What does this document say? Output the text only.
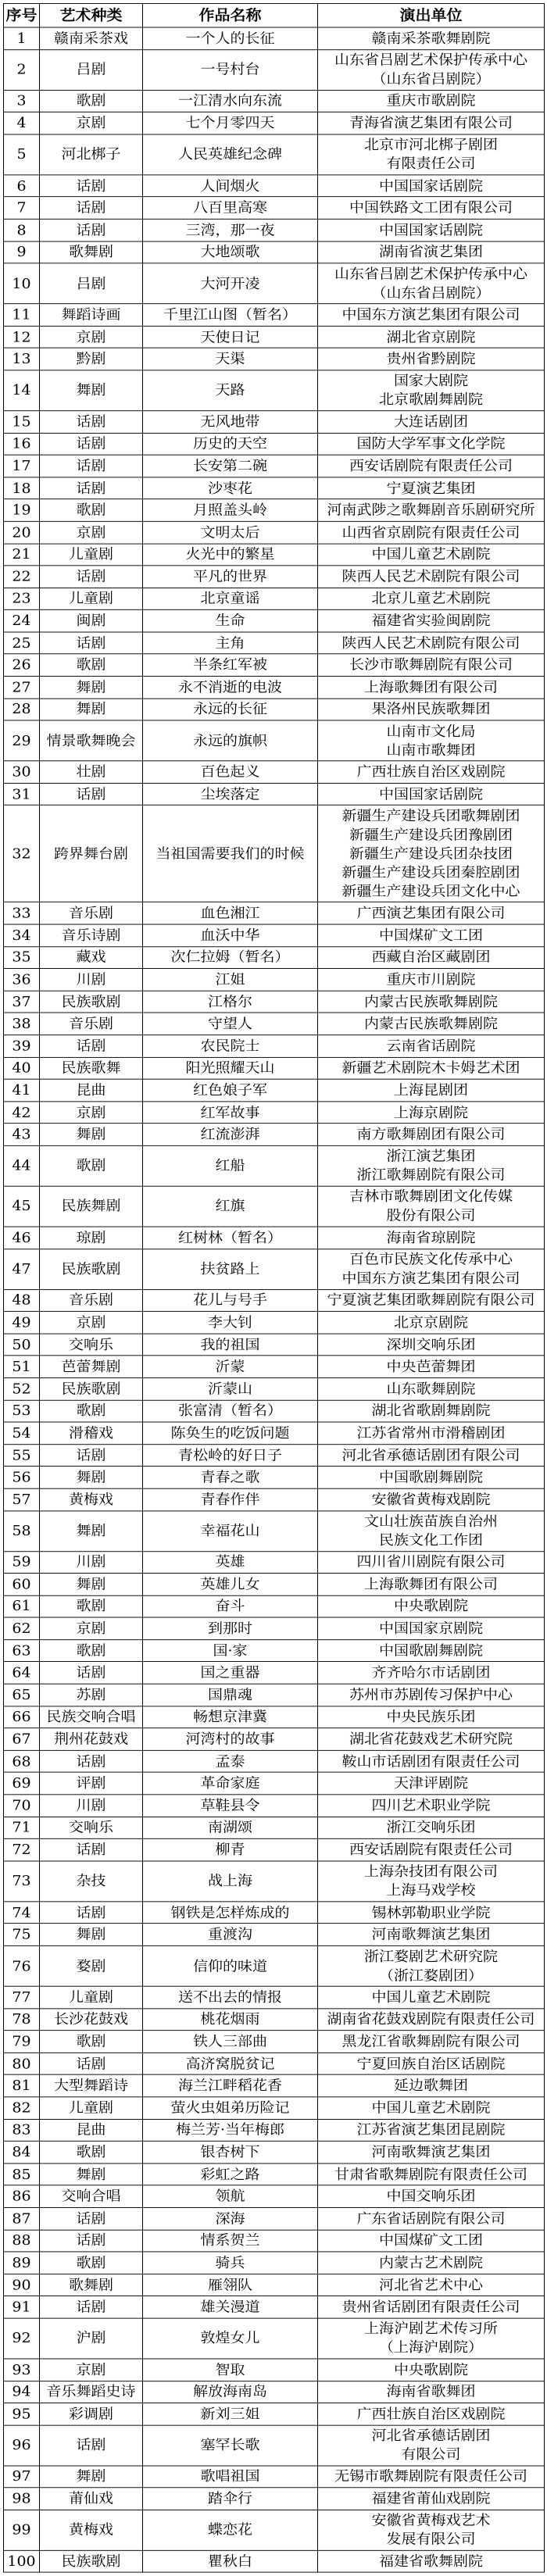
序号	艺术种类	作品名称	演出单位
1	赣南采茶戏	一个人的长征	赣南采茶歌舞剧院

2	吕剧	一号村台	山东省吕剧艺术保护传承中心
（山东省吕剧院）

3	歌剧	一江清水向东流	重庆市歌剧院

4	京剧	七个月零四天	青海省演艺集团有限公司

5	河北梆子	人民英雄纪念碑	北京市河北梆子剧团
有限责任公司

6	话剧	人间烟火	中国国家话剧院

7	话剧	八百里高寒	中国铁路文工团有限公司

8	话剧	三湾，那一夜	中国国家话剧院

9	歌舞剧	大地颂歌	湖南省演艺集团

10	吕剧	大河开凌	山东省吕剧艺术保护传承中心
（山东省吕剧院）

11	舞蹈诗画	千里江山图（暂名）	中国东方演艺集团有限公司

12	京剧	天使日记	湖北省京剧院

13	黔剧	天渠	贵州省黔剧院

14	舞剧	天路	国家大剧院
北京歌剧舞剧院

15	话剧	无风地带	大连话剧团

16	话剧	历史的天空	国防大学军事文化学院

17	话剧	长安第二碗	西安话剧院有限责任公司

18	话剧	沙枣花	宁夏演艺集团

19	歌剧	月照盖头岭	河南武陟之歌舞剧音乐剧研究所

20	京剧	文明太后	山西省京剧院有限责任公司

21	儿童剧	火光中的繁星	中国儿童艺术剧院

22	话剧	平凡的世界	陕西人民艺术剧院有限公司

23	儿童剧	北京童谣	北京儿童艺术剧院

24	闽剧	生命	福建省实验闽剧院

25	话剧	主角	陕西人民艺术剧院有限公司

26	歌剧	半条红军被	长沙市歌舞剧院有限公司

27	舞剧	永不消逝的电波	上海歌舞团有限公司

28	舞剧	永远的长征	果洛州民族歌舞团

29	情景歌舞晚会	永远的旗帜	山南市文化局
山南市歌舞团

30	壮剧	百色起义	广西壮族自治区戏剧院

31	话剧	尘埃落定	中国国家话剧院

32	跨界舞台剧	当祖国需要我们的时候	新疆生产建设兵团歌舞剧团
新疆生产建设兵团豫剧团
新疆生产建设兵团杂技团
新疆生产建设兵团秦腔剧团
新疆生产建设兵团文化中心

33	音乐剧	血色湘江	广西演艺集团有限公司

34	音乐诗剧	血沃中华	中国煤矿文工团

35	藏戏	次仁拉姆（暂名）	西藏自治区藏剧团

36	川剧	江姐	重庆市川剧院

37	民族歌剧	江格尔	内蒙古民族歌舞剧院

38	音乐剧	守望人	内蒙古民族歌舞剧院

39	话剧	农民院士	云南省话剧院

40	民族歌舞	阳光照耀天山	新疆艺术剧院木卡姆艺术团

41	昆曲	红色娘子军	上海昆剧团

42	京剧	红军故事	上海京剧院

43	舞剧	红流澎湃	南方歌舞剧团有限公司

44	歌剧	红船	浙江演艺集团
浙江歌舞剧院有限公司

45	民族舞剧	红旗	吉林市歌舞剧团文化传媒
股份有限公司

46	琼剧	红树林（暂名）	海南省琼剧院

47	民族歌剧	扶贫路上	百色市民族文化传承中心
中国东方演艺集团有限公司

48	音乐剧	花儿与号手	宁夏演艺集团歌舞剧院有限公司

49	京剧	李大钊	北京京剧院

50	交响乐	我的祖国	深圳交响乐团

51	芭蕾舞剧	沂蒙	中央芭蕾舞团

52	民族歌剧	沂蒙山	山东歌舞剧院

53	歌剧	张富清（暂名）	湖北省歌剧舞剧院

54	滑稽戏	陈奂生的吃饭问题	江苏省常州市滑稽剧团

55	话剧	青松岭的好日子	河北省承德话剧团有限公司

56	舞剧	青春之歌	中国歌剧舞剧院

57	黄梅戏	青春作伴	安徽省黄梅戏剧院

58	舞剧	幸福花山	文山壮族苗族自治州
民族文化工作团

59	川剧	英雄	四川省川剧院有限公司

60	舞剧	英雄儿女	上海歌舞团有限公司

61	歌剧	奋斗	中央歌剧院

62	京剧	到那时	中国国家京剧院

63	歌剧	国·家	中国歌剧舞剧院

64	话剧	国之重器	齐齐哈尔市话剧团

65	苏剧	国鼎魂	苏州市苏剧传习保护中心

66	民族交响合唱	畅想京津冀	中央民族乐团

67	荆州花鼓戏	河湾村的故事	湖北省花鼓戏艺术研究院

68	话剧	孟泰	鞍山市话剧团有限责任公司

69	评剧	革命家庭	天津评剧院

70	川剧	草鞋县令	四川艺术职业学院

71	交响乐	南湖颂	浙江交响乐团

72	话剧	柳青	西安话剧院有限责任公司

73	杂技	战上海	上海杂技团有限公司
上海马戏学校

74	话剧	钢铁是怎样炼成的	锡林郭勒职业学院

75	舞剧	重渡沟	河南歌舞演艺集团

76	婺剧	信仰的味道	浙江婺剧艺术研究院
（浙江婺剧团）

77	儿童剧	送不出去的情报	中国儿童艺术剧院

78	长沙花鼓戏	桃花烟雨	湖南省花鼓戏剧院有限责任公司

79	歌剧	铁人三部曲	黑龙江省歌舞剧院有限公司

80	话剧	高济窝脱贫记	宁夏回族自治区话剧院

81	大型舞蹈诗	海兰江畔稻花香	延边歌舞团

82	儿童剧	萤火虫姐弟历险记	中国儿童艺术剧院

83	昆曲	梅兰芳·当年梅郎	江苏省演艺集团昆剧院

84	歌剧	银杏树下	河南歌舞演艺集团

85	舞剧	彩虹之路	甘肃省歌舞剧院有限责任公司

86	交响合唱	领航	中国交响乐团

87	话剧	深海	广东省话剧院有限公司

88	话剧	情系贺兰	中国煤矿文工团

89	歌剧	骑兵	内蒙古艺术剧院

90	歌舞剧	雁翎队	河北省艺术中心

91	话剧	雄关漫道	贵州省话剧团有限责任公司

92	沪剧	敦煌女儿	上海沪剧艺术传习所
（上海沪剧院）

93	京剧	智取	中央歌剧院

94	音乐舞蹈史诗	解放海南岛	海南省歌舞团

95	彩调剧	新刘三姐	广西壮族自治区戏剧院

96	话剧	塞罕长歌	河北省承德话剧团
有限公司

97	舞剧	歌唱祖国	无锡市歌舞剧院有限责任公司

98	莆仙戏	踏伞行	福建省莆仙戏剧院

99	黄梅戏	蝶恋花	安徽省黄梅戏艺术
发展有限公司

100	民族歌剧	瞿秋白	福建省歌舞剧院
